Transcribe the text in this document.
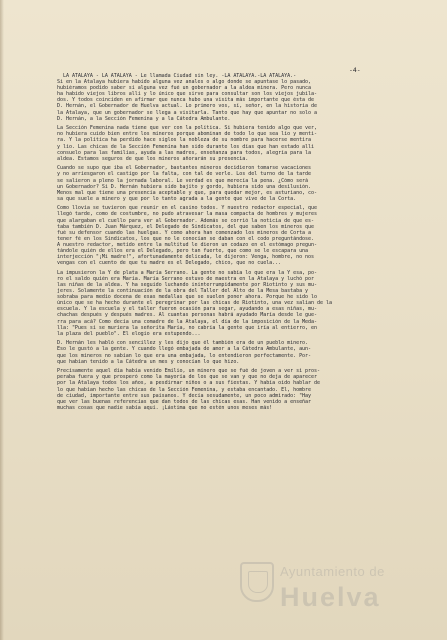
-4-
LA ATALAYA - LA ATALAYA - Le llamada Ciudad sin ley. -LA ATALAYA.-LA ATALAYA.-
Si en la Atalaya hubiera habido alguna vez anales o algo donde se apuntase lo pasado,
hubiéramos podido saber si alguna vez fué un gobernador a la aldea minera. Pero nunca
ha habido viejos libros allí y lo único que sirve para consultar son los viejos jubila-
dos. Y todos coinciden en afirmar que nunca hubo una visita más importante que ésta de
D. Hernán, el Gobernador de Huelva actual. Lo primero vos, sí, señor, en la historia de
la Atalaya, que un gobernador se llega a visitarla. Tanto que hay que apuntar no solo a
D. Hernán, a la Sección Femenina y a la Cátedra Ambulante.
La Sección Femenina nada tiene que ver con la política. Si hubiera tenido algo que ver,
no hubiera cuido bien entre los mineros porque abominan de todo lo que sea lío y menti-
ra. Y la política ha perdido hace siglos la nobleza de su nombre para hacerse mentira
y lío. Las chicas de la Sección Femenina han sido durante los días que han estado allí
consuelo para las familias, ayuda a las madres, enseñanza para todos, alegría para la
aldea. Estamos seguros de que los mineros añorarán su presencia.
Cuando se supo que iba el Gobernador, bastantes mineros decidieron tomarse vacaciones
y no arriesgaron el castigo por la falta, con tal de verle. Los del turno de la tarde
se salieron a pleno la jornada laboral. Le verdad es que merecía la pena. ¿Cómo será
un Gobernador? Si D. Hernán hubiera sido bajito y gordo, hubiera sido una desilusión.
Menos mal que tiene una presencia aceptable y que, para quedar mejor, es asturiano, co-
sa que suele a minero y que por lo tanto agrada a la gente que vive de la Corta.
Como llovía se tuvieron que reunir en el casino todos. Y nuestro redactor especial, que
llegó tarde, como de costumbre, no pudo atravesar la masa compacta de hombres y mujeres
que alargaban el cuello para ver al Gobernador. Además se corrió la noticia de que es-
taba también D. Juan Márquez, el Delegado de Sindicatos, del que saben los mineros que
fué su defensor cuando las huelgas. Y como ahora han comenzado los mineros de Corta a
tener fé en los Sindicatos, los que no le conocían se daban con el codo preguntándose.
A nuestro redactor, metido entre la multitud le dieron un codazo en el estómago pregun-
tándole quién de ellos era el Delegado, pero tan fuerte, que como se le escapara una
interjección "¡Mi madre!", afortunadamente delicada, le dijeron: Venga, hombre, no nos
vengas con el cuento de que tu madre es el Delegado, chico, que no cuela...
La impusieron la Y de plata a María Serrano. La gente no sabía lo que era la Y esa, po-
ro el saldo quién era María. María Serrano estuvo de maestra en la Atalaya y luchó por
las niñas de la aldea. Y ha seguido luchando ininterrumpidamente por Riotinto y sus mu-
jeres. Solamente la continuación de la obra del Taller del Alto de la Mesa bastaba y
sobraba para medio docena de esas medallas que se suelen poner ahora. Porque he sido lo
único que se ha hecho durante el peregrinar por las chicas de Riotinto, una vez salían de la
escuela. Y la escuela y el taller fueron ocasión para segar, ayudando a esas niñas, mu-
chachas después y después madres. Al cuantas personas habrá ayudado María desde le gue-
rra para acá? Como decía una comadre de la Atalaya, el día de la imposición de la Meda-
lla: "Pues si se muriera la señorita María, no cabría la gente que iría al entierro, en
la plaza del pueblo". El elogio era estupendo...
D. Hernán les habló con sencillez y les dijo que él también era de un pueblo minero.
Eso le gustó a la gente. Y cuando llegó embajada de amor a la Cátedra Ambulante, aun-
que los mineros no sabían lo que era una embajada, lo entendieron perfectamente. Por-
que habían tenido a la Cátedra un mes y conocían lo que hizo.
Precisamente aquel día había venido Emilio, un minero que se fué de joven a ver si pros-
peraba fuera y que prosperó como la mayoría de los que se van y que no deja de aparecer
por la Atalaya todos los años, a pesdirnar niños o a sus fiestas. Y había oído hablar de
lo que habían hecho las chicas de la Sección Femenina, y estaba encantado. Él, hombre
de ciudad, importante entre sus paisanos. Y decía sesudamente, un poco admirado: "Hay
que ver las buenas referencias que dan todos de las chicas esas. Han venido a enseñar
muchas cosas que nadie sabía aquí. ¡Lástima que no estén unos meses más!
Ayuntamiento de
Huelva
